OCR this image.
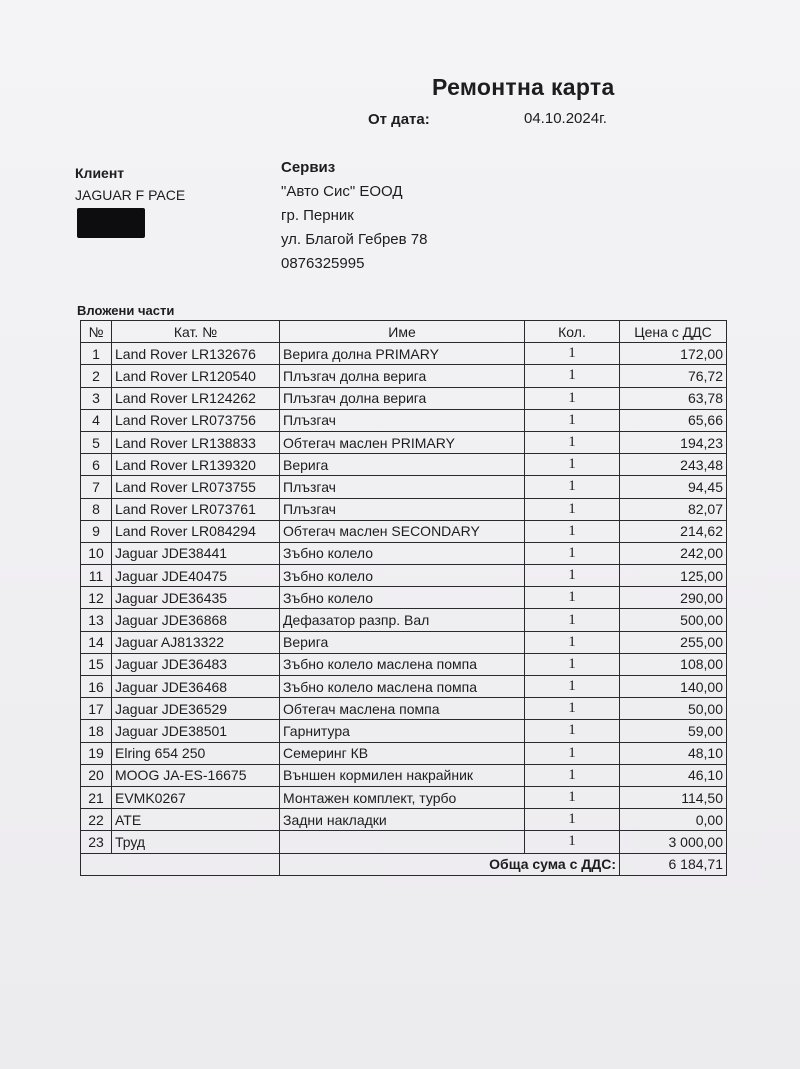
Ремонтна карта
От дата:	04.10.2024г.
Клиент
JAGUAR F PACE
Сервиз
"Авто Сис" ЕООД
гр. Перник
ул. Благой Гебрев 78
0876325995
Вложени части
№	Кат. №	Име	Кол.	Цена с ДДС
1	Land Rover LR132676	Верига долна PRIMARY	1	172,00
2	Land Rover LR120540	Плъзгач долна верига	1	76,72
3	Land Rover LR124262	Плъзгач долна верига	1	63,78
4	Land Rover LR073756	Плъзгач	1	65,66
5	Land Rover LR138833	Обтегач маслен PRIMARY	1	194,23
6	Land Rover LR139320	Верига	1	243,48
7	Land Rover LR073755	Плъзгач	1	94,45
8	Land Rover LR073761	Плъзгач	1	82,07
9	Land Rover LR084294	Обтегач маслен SECONDARY	1	214,62
10	Jaguar JDE38441	Зъбно колело	1	242,00
11	Jaguar JDE40475	Зъбно колело	1	125,00
12	Jaguar JDE36435	Зъбно колело	1	290,00
13	Jaguar JDE36868	Дефазатор разпр. Вал	1	500,00
14	Jaguar AJ813322	Верига	1	255,00
15	Jaguar JDE36483	Зъбно колело маслена помпа	1	108,00
16	Jaguar JDE36468	Зъбно колело маслена помпа	1	140,00
17	Jaguar JDE36529	Обтегач маслена помпа	1	50,00
18	Jaguar JDE38501	Гарнитура	1	59,00
19	Elring 654 250	Семеринг КВ	1	48,10
20	MOOG JA-ES-16675	Външен кормилен накрайник	1	46,10
21	EVMK0267	Монтажен комплект, турбо	1	114,50
22	ATE	Задни накладки	1	0,00
23	Труд		1	3 000,00
		Обща сума с ДДС:		6 184,71
